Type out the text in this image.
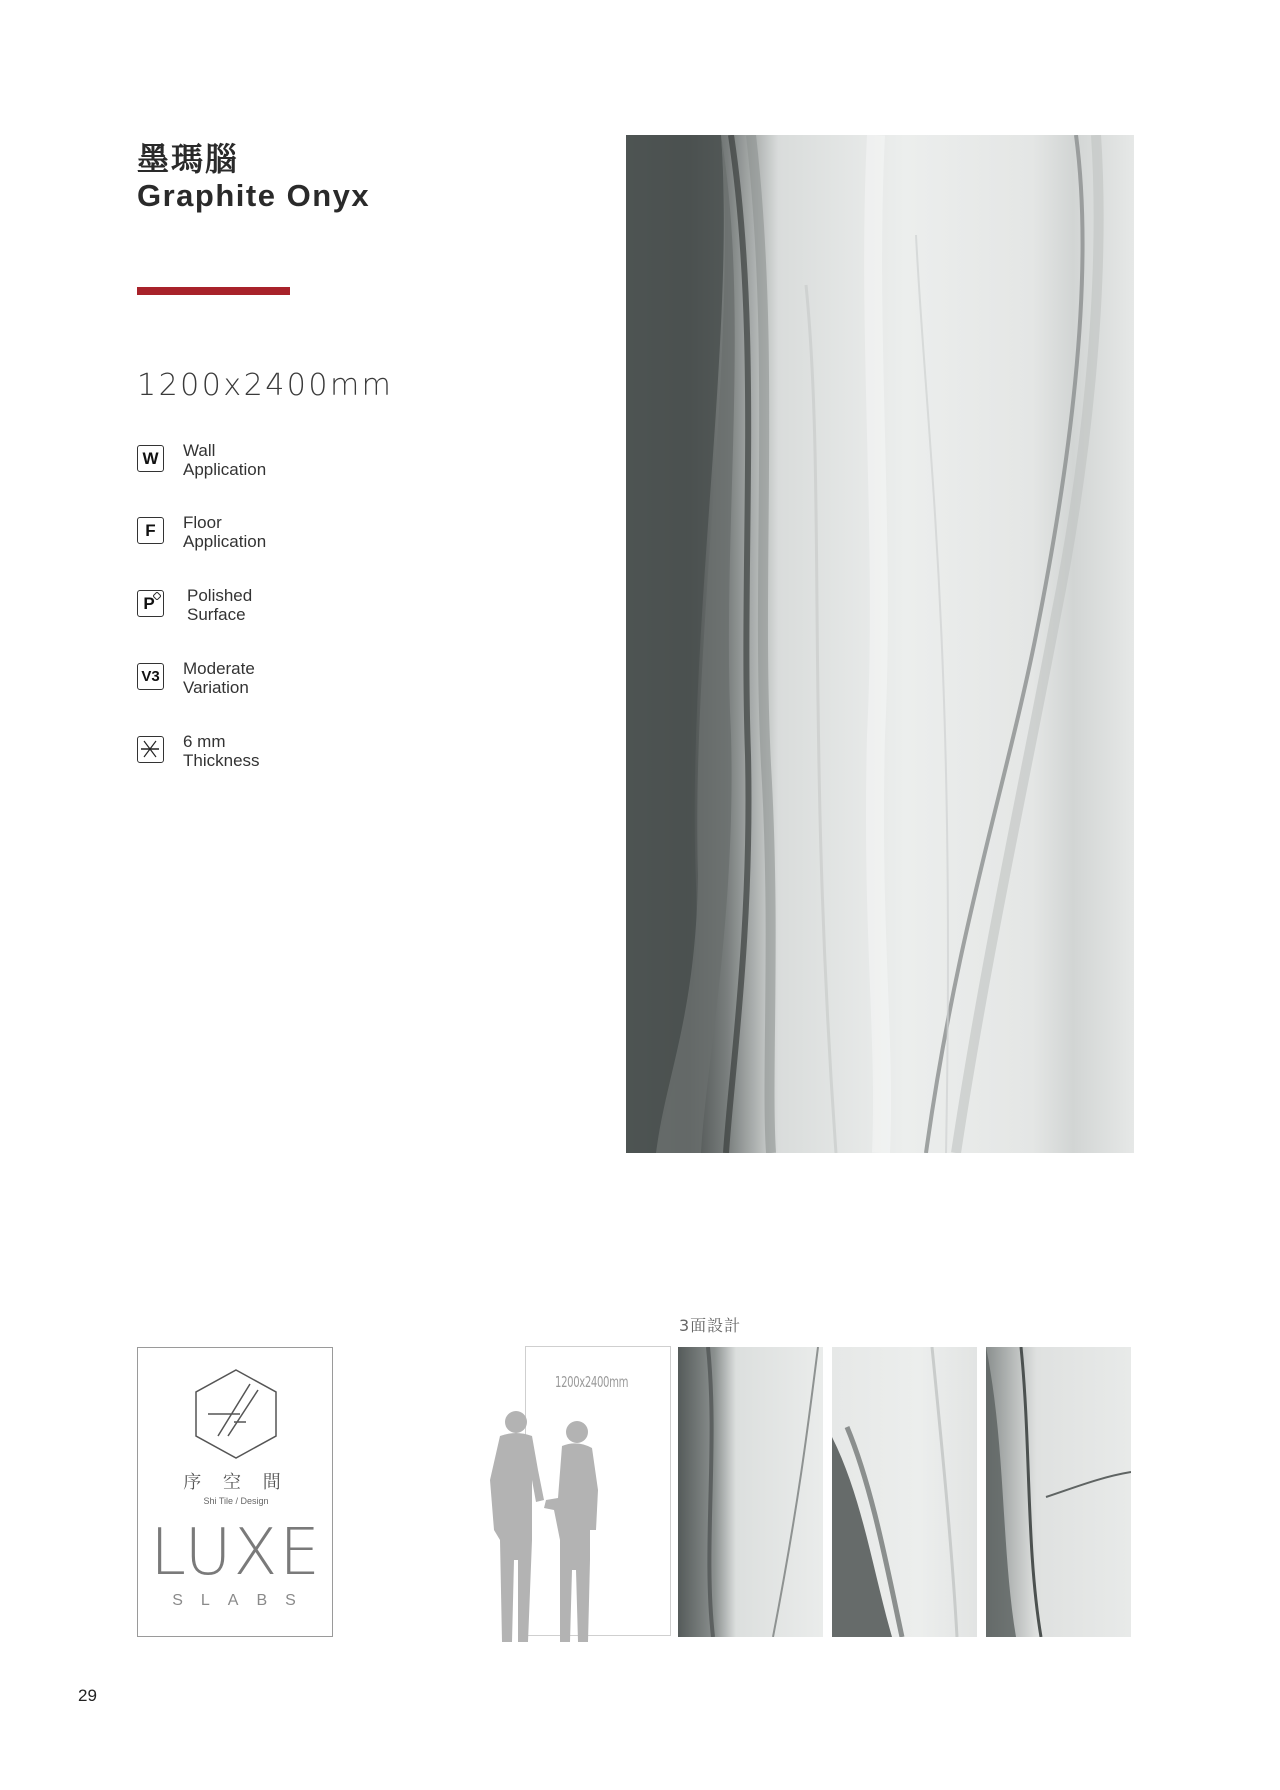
墨瑪腦
Graphite Onyx
1200x2400mm
W	Wall
Application
F	Floor
Application
P	Polished
Surface
V3 Moderate
Variation
6 mm
Thickness
序 空 間
Shi Tile / Design
LUXE
SLABS
3面設計
1200x2400mm
29
